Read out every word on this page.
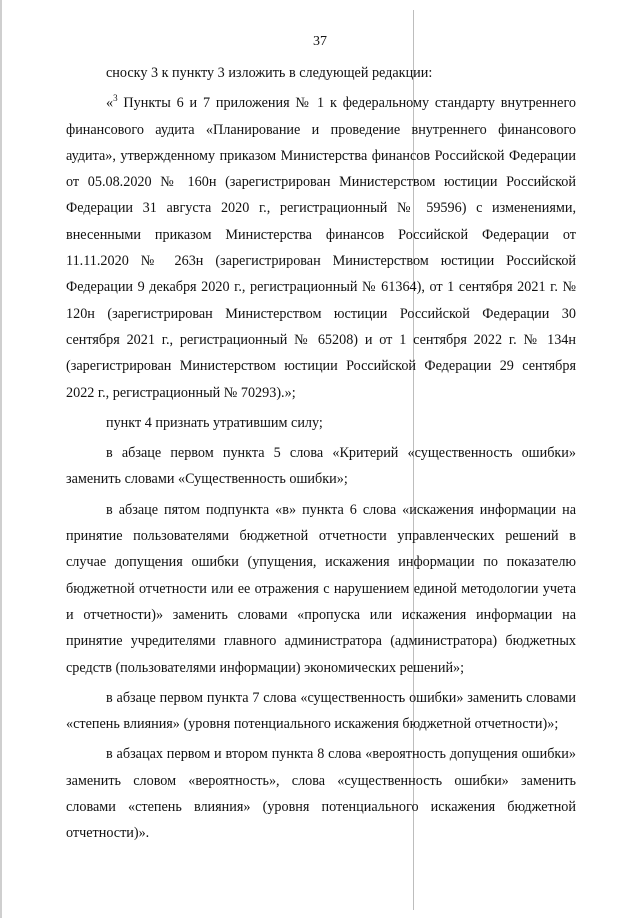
37

сноску 3 к пункту 3 изложить в следующей редакции:

«$^3$ Пункты 6 и 7 приложения № 1 к федеральному стандарту внутреннего финансового аудита «Планирование и проведение внутреннего финансового аудита», утвержденному приказом Министерства финансов Российской Федерации от 05.08.2020 № 160н (зарегистрирован Министерством юстиции Российской Федерации 31 августа 2020 г., регистрационный № 59596) с изменениями, внесенными приказом Министерства финансов Российской Федерации от 11.11.2020 № 263н (зарегистрирован Министерством юстиции Российской Федерации 9 декабря 2020 г., регистрационный № 61364), от 1 сентября 2021 г. № 120н (зарегистрирован Министерством юстиции Российской Федерации 30 сентября 2021 г., регистрационный № 65208) и от 1 сентября 2022 г. № 134н (зарегистрирован Министерством юстиции Российской Федерации 29 сентября 2022 г., регистрационный № 70293).»;

пункт 4 признать утратившим силу;

в абзаце первом пункта 5 слова «Критерий «существенность ошибки» заменить словами «Существенность ошибки»;

в абзаце пятом подпункта «в» пункта 6 слова «искажения информации на принятие пользователями бюджетной отчетности управленческих решений в случае допущения ошибки (упущения, искажения информации по показателю бюджетной отчетности или ее отражения с нарушением единой методологии учета и отчетности)» заменить словами «пропуска или искажения информации на принятие учредителями главного администратора (администратора) бюджетных средств (пользователями информации) экономических решений»;

в абзаце первом пункта 7 слова «существенность ошибки» заменить словами «степень влияния» (уровня потенциального искажения бюджетной отчетности)»;

в абзацах первом и втором пункта 8 слова «вероятность допущения ошибки» заменить словом «вероятность», слова «существенность ошибки» заменить словами «степень влияния» (уровня потенциального искажения бюджетной отчетности)».
